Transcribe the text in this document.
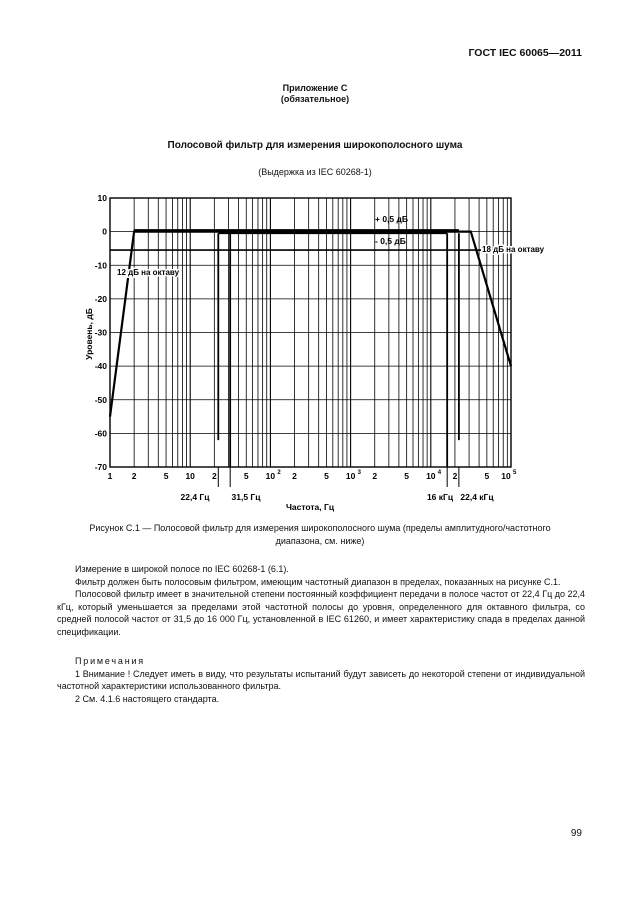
ГОСТ IEC 60065—2011
Приложение С
(обязательное)
Полосовой фильтр для измерения широкополосного шума
(Выдержка из IEC 60268-1)
10
0
-10
-20
-30
-40
-50
-60
-70
1 2	5 10 2	5 10 2 2	5 10 3 2	5 10 4 2	5 10 5
Уровень, дБ
Частота, Гц
+ 0,5 дБ
- 0,5 дБ
12 дБ на октаву
18 дБ на октаву
22,4 Гц	31,5 Гц	16 кГц 22,4 кГц
Рисунок С.1 — Полосовой фильтр для измерения широкополосного шума (пределы амплитудного/частотного
диапазона, см. ниже)

Измерение в широкой полосе по IEC 60268-1 (6.1).

Фильтр должен быть полосовым фильтром, имеющим частотный диапазон в пределах, показанных на рисунке С.1.

Полосовой фильтр имеет в значительной степени постоянный коэффициент передачи в полосе частот от 22,4 Гц до 22,4 кГц, который уменьшается за пределами этой частотной полосы до уровня, определенного для октавного фильтра, со средней полосой частот от 31,5 до 16 000 Гц, установленной в IEC 61260, и имеет характеристику спада в пределах данной спецификации.

Примечания

1 Внимание ! Следует иметь в виду, что результаты испытаний будут зависеть до некоторой степени от индивидуальной частотной характеристики использованного фильтра.

2 См. 4.1.6 настоящего стандарта.

99
